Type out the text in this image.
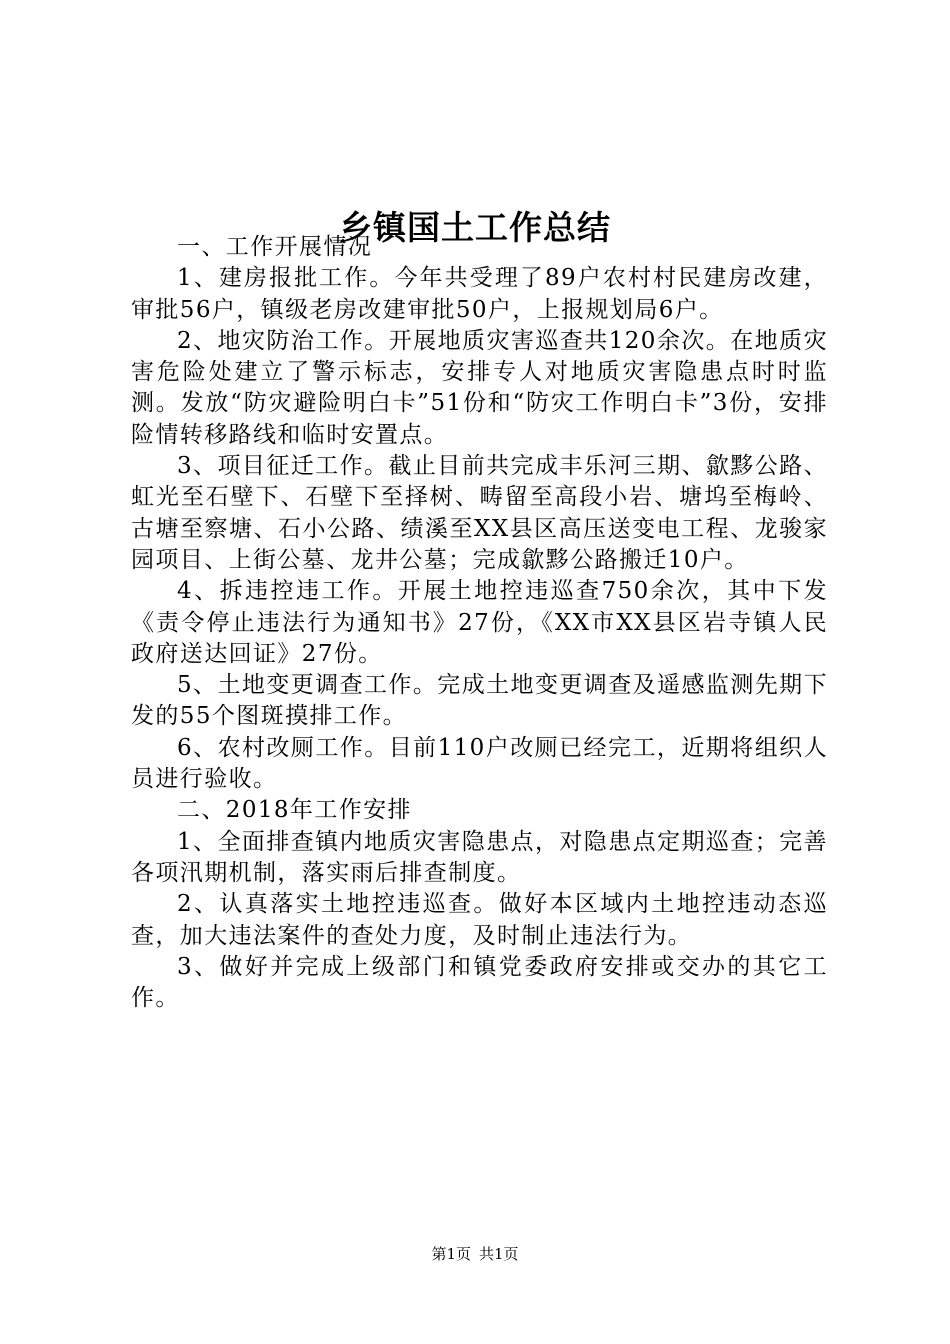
乡镇国土工作总结

一、工作开展情况

1、建房报批工作。今年共受理了89户农村村民建房改建，审批56户，镇级老房改建审批50户，上报规划局6户。

2、地灾防治工作。开展地质灾害巡查共120余次。在地质灾害危险处建立了警示标志，安排专人对地质灾害隐患点时时监测。发放“防灾避险明白卡”51份和“防灾工作明白卡”3份，安排险情转移路线和临时安置点。

3、项目征迁工作。截止目前共完成丰乐河三期、歙黟公路、虹光至石壁下、石壁下至择树、畴留至高段小岩、塘坞至梅岭、古塘至察塘、石小公路、绩溪至XX县区高压送变电工程、龙骏家园项目、上街公墓、龙井公墓；完成歙黟公路搬迁10户。

4、拆违控违工作。开展土地控违巡查750余次，其中下发《责令停止违法行为通知书》27份，《XX市XX县区岩寺镇人民政府送达回证》27份。

5、土地变更调查工作。完成土地变更调查及遥感监测先期下发的55个图斑摸排工作。

6、农村改厕工作。目前110户改厕已经完工，近期将组织人员进行验收。

二、2018年工作安排

1、全面排查镇内地质灾害隐患点，对隐患点定期巡查；完善各项汛期机制，落实雨后排查制度。

2、认真落实土地控违巡查。做好本区域内土地控违动态巡查，加大违法案件的查处力度，及时制止违法行为。

3、做好并完成上级部门和镇党委政府安排或交办的其它工作。

第1页 共1页
